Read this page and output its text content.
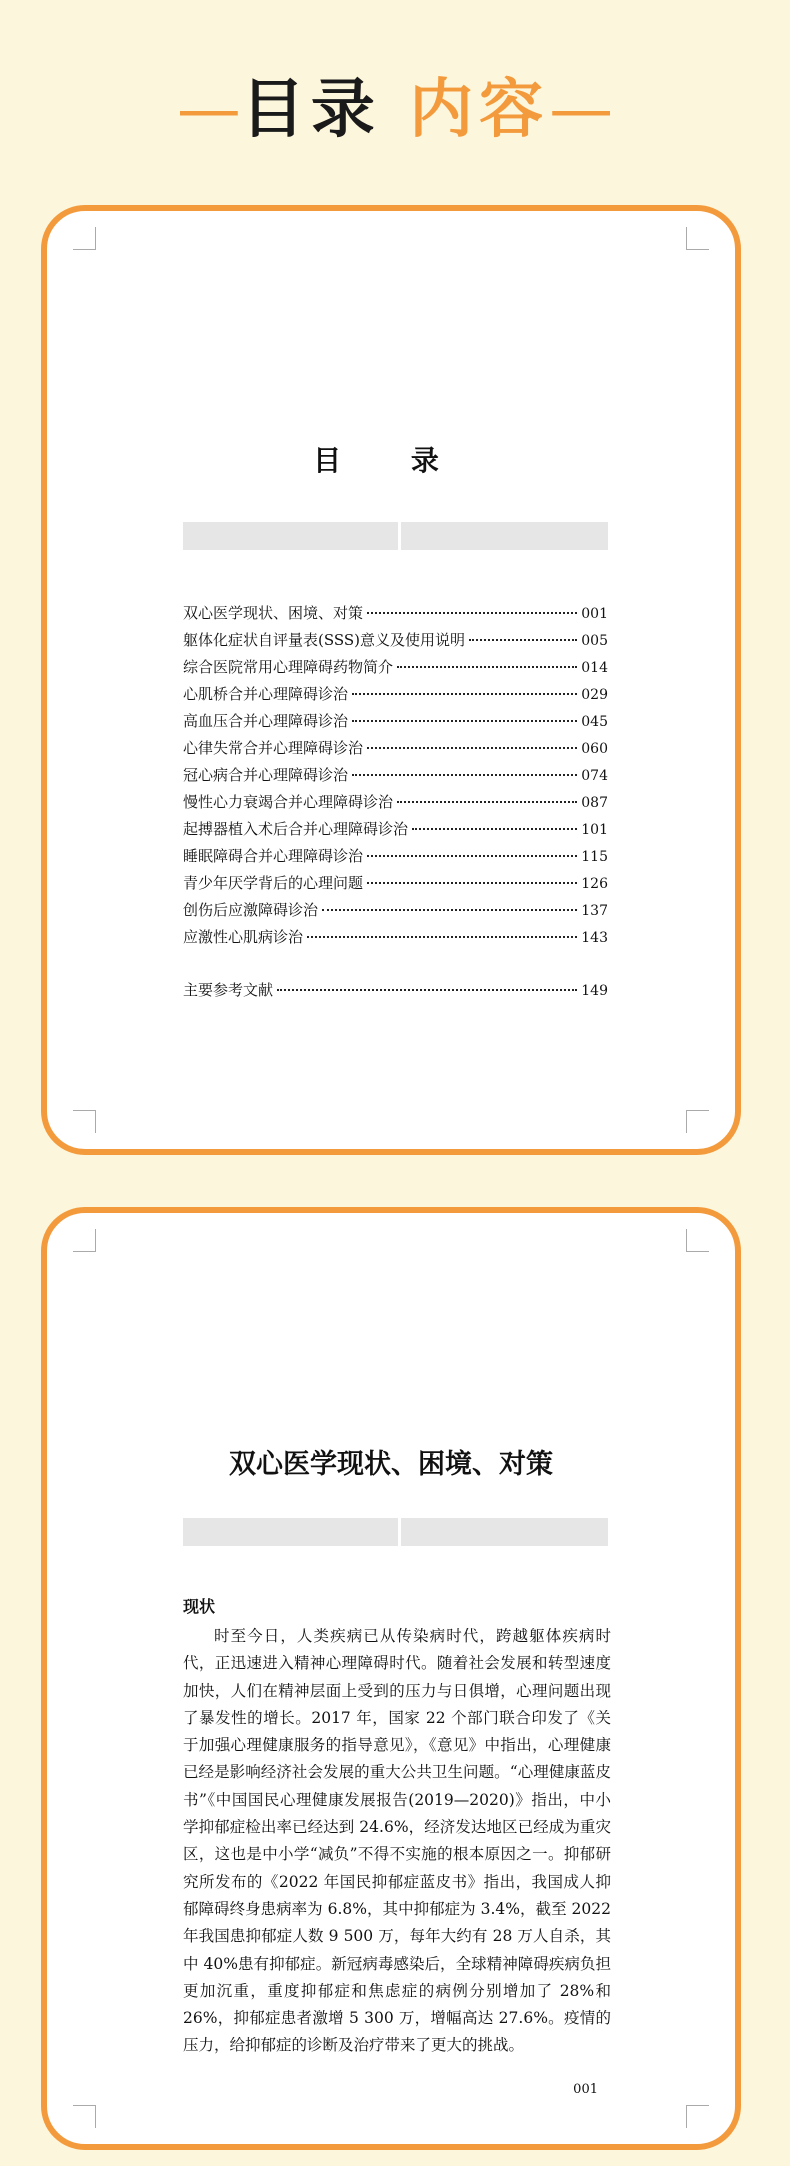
—目录 内容—
目 录
双心医学现状、困境、对策	001
躯体化症状自评量表(SSS)意义及使用说明	005
综合医院常用心理障碍药物简介	014
心肌桥合并心理障碍诊治	029
高血压合并心理障碍诊治	045
心律失常合并心理障碍诊治	060
冠心病合并心理障碍诊治	074
慢性心力衰竭合并心理障碍诊治	087
起搏器植入术后合并心理障碍诊治	101
睡眠障碍合并心理障碍诊治	115
青少年厌学背后的心理问题	126
创伤后应激障碍诊治	137
应激性心肌病诊治	143
主要参考文献	149
双心医学现状、困境、对策
现状

时至今日，人类疾病已从传染病时代，跨越躯体疾病时代，正迅速进入精神心理障碍时代。随着社会发展和转型速度加快，人们在精神层面上受到的压力与日俱增，心理问题出现了暴发性的增长。2017 年，国家 22 个部门联合印发了《关于加强心理健康服务的指导意见》，《意见》中指出，心理健康已经是影响经济社会发展的重大公共卫生问题。“心理健康蓝皮书”《中国国民心理健康发展报告(2019—2020)》指出，中小学抑郁症检出率已经达到 24.6%，经济发达地区已经成为重灾区，这也是中小学“减负”不得不实施的根本原因之一。抑郁研究所发布的《2022 年国民抑郁症蓝皮书》指出，我国成人抑郁障碍终身患病率为 6.8%，其中抑郁症为 3.4%，截至 2022 年我国患抑郁症人数 9 500 万，每年大约有 28 万人自杀，其中 40%患有抑郁症。新冠病毒感染后，全球精神障碍疾病负担更加沉重，重度抑郁症和焦虑症的病例分别增加了 28%和 26%，抑郁症患者激增 5 300 万，增幅高达 27.6%。疫情的压力，给抑郁症的诊断及治疗带来了更大的挑战。

001
